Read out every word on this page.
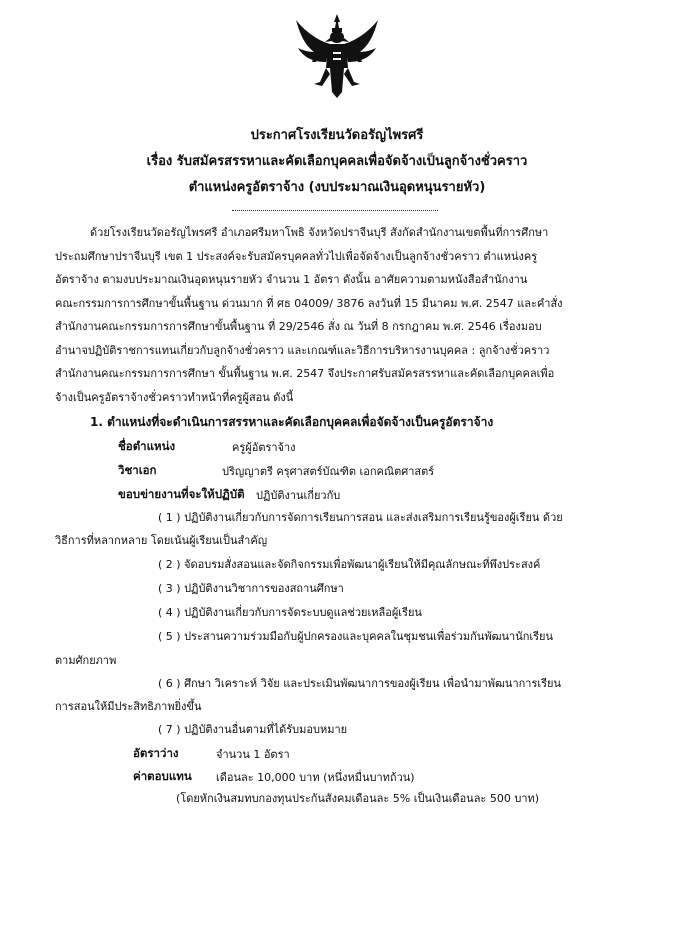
ประกาศโรงเรียนวัดอรัญไพรศรี
เรื่อง รับสมัครสรรหาและคัดเลือกบุคคลเพื่อจัดจ้างเป็นลูกจ้างชั่วคราว
ตำแหน่งครูอัตราจ้าง (งบประมาณเงินอุดหนุนรายหัว)
ด้วยโรงเรียนวัดอรัญไพรศรี อำเภอศรีมหาโพธิ จังหวัดปราจีนบุรี สังกัดสำนักงานเขตพื้นที่การศึกษา
ประถมศึกษาปราจีนบุรี เขต 1 ประสงค์จะรับสมัครบุคคลทั่วไปเพื่อจัดจ้างเป็นลูกจ้างชั่วคราว ตำแหน่งครู
อัตราจ้าง ตามงบประมาณเงินอุดหนุนรายหัว จำนวน 1 อัตรา ดังนั้น อาศัยความตามหนังสือสำนักงาน
คณะกรรมการการศึกษาขั้นพื้นฐาน ด่วนมาก ที่ ศธ 04009/ 3876 ลงวันที่ 15 มีนาคม พ.ศ. 2547 และคำสั่ง
สำนักงานคณะกรรมการการศึกษาขั้นพื้นฐาน ที่ 29/2546 สั่ง ณ วันที่ 8 กรกฎาคม พ.ศ. 2546 เรื่องมอบ
อำนาจปฏิบัติราชการแทนเกี่ยวกับลูกจ้างชั่วคราว และเกณฑ์และวิธีการบริหารงานบุคคล : ลูกจ้างชั่วคราว
สำนักงานคณะกรรมการการศึกษา ขั้นพื้นฐาน พ.ศ. 2547 จึงประกาศรับสมัครสรรหาและคัดเลือกบุคคลเพื่อ
จ้างเป็นครูอัตราจ้างชั่วคราวทำหน้าที่ครูผู้สอน ดังนี้
1. ตำแหน่งที่จะดำเนินการสรรหาและคัดเลือกบุคคลเพื่อจัดจ้างเป็นครูอัตราจ้าง
ชื่อตำแหน่ง	ครูผู้อัตราจ้าง
วิชาเอก	ปริญญาตรี ครุศาสตร์บัณฑิต เอกคณิตศาสตร์
ขอบข่ายงานที่จะให้ปฏิบัติ ปฏิบัติงานเกี่ยวกับ
( 1 ) ปฏิบัติงานเกี่ยวกับการจัดการเรียนการสอน และส่งเสริมการเรียนรู้ของผู้เรียน ด้วย
วิธีการที่หลากหลาย โดยเน้นผู้เรียนเป็นสำคัญ
( 2 ) จัดอบรมสั่งสอนและจัดกิจกรรมเพื่อพัฒนาผู้เรียนให้มีคุณลักษณะที่พึงประสงค์
( 3 ) ปฏิบัติงานวิชาการของสถานศึกษา
( 4 ) ปฏิบัติงานเกี่ยวกับการจัดระบบดูแลช่วยเหลือผู้เรียน
( 5 ) ประสานความร่วมมือกับผู้ปกครองและบุคคลในชุมชนเพื่อร่วมกันพัฒนานักเรียน
ตามศักยภาพ
( 6 ) ศึกษา วิเคราะห์ วิจัย และประเมินพัฒนาการของผู้เรียน เพื่อนำมาพัฒนาการเรียน
การสอนให้มีประสิทธิภาพยิ่งขึ้น
( 7 ) ปฏิบัติงานอื่นตามที่ได้รับมอบหมาย
อัตราว่าง	จำนวน 1 อัตรา
ค่าตอบแทน เดือนละ 10,000 บาท (หนึ่งหมื่นบาทถ้วน)
(โดยหักเงินสมทบกองทุนประกันสังคมเดือนละ 5% เป็นเงินเดือนละ 500 บาท)
